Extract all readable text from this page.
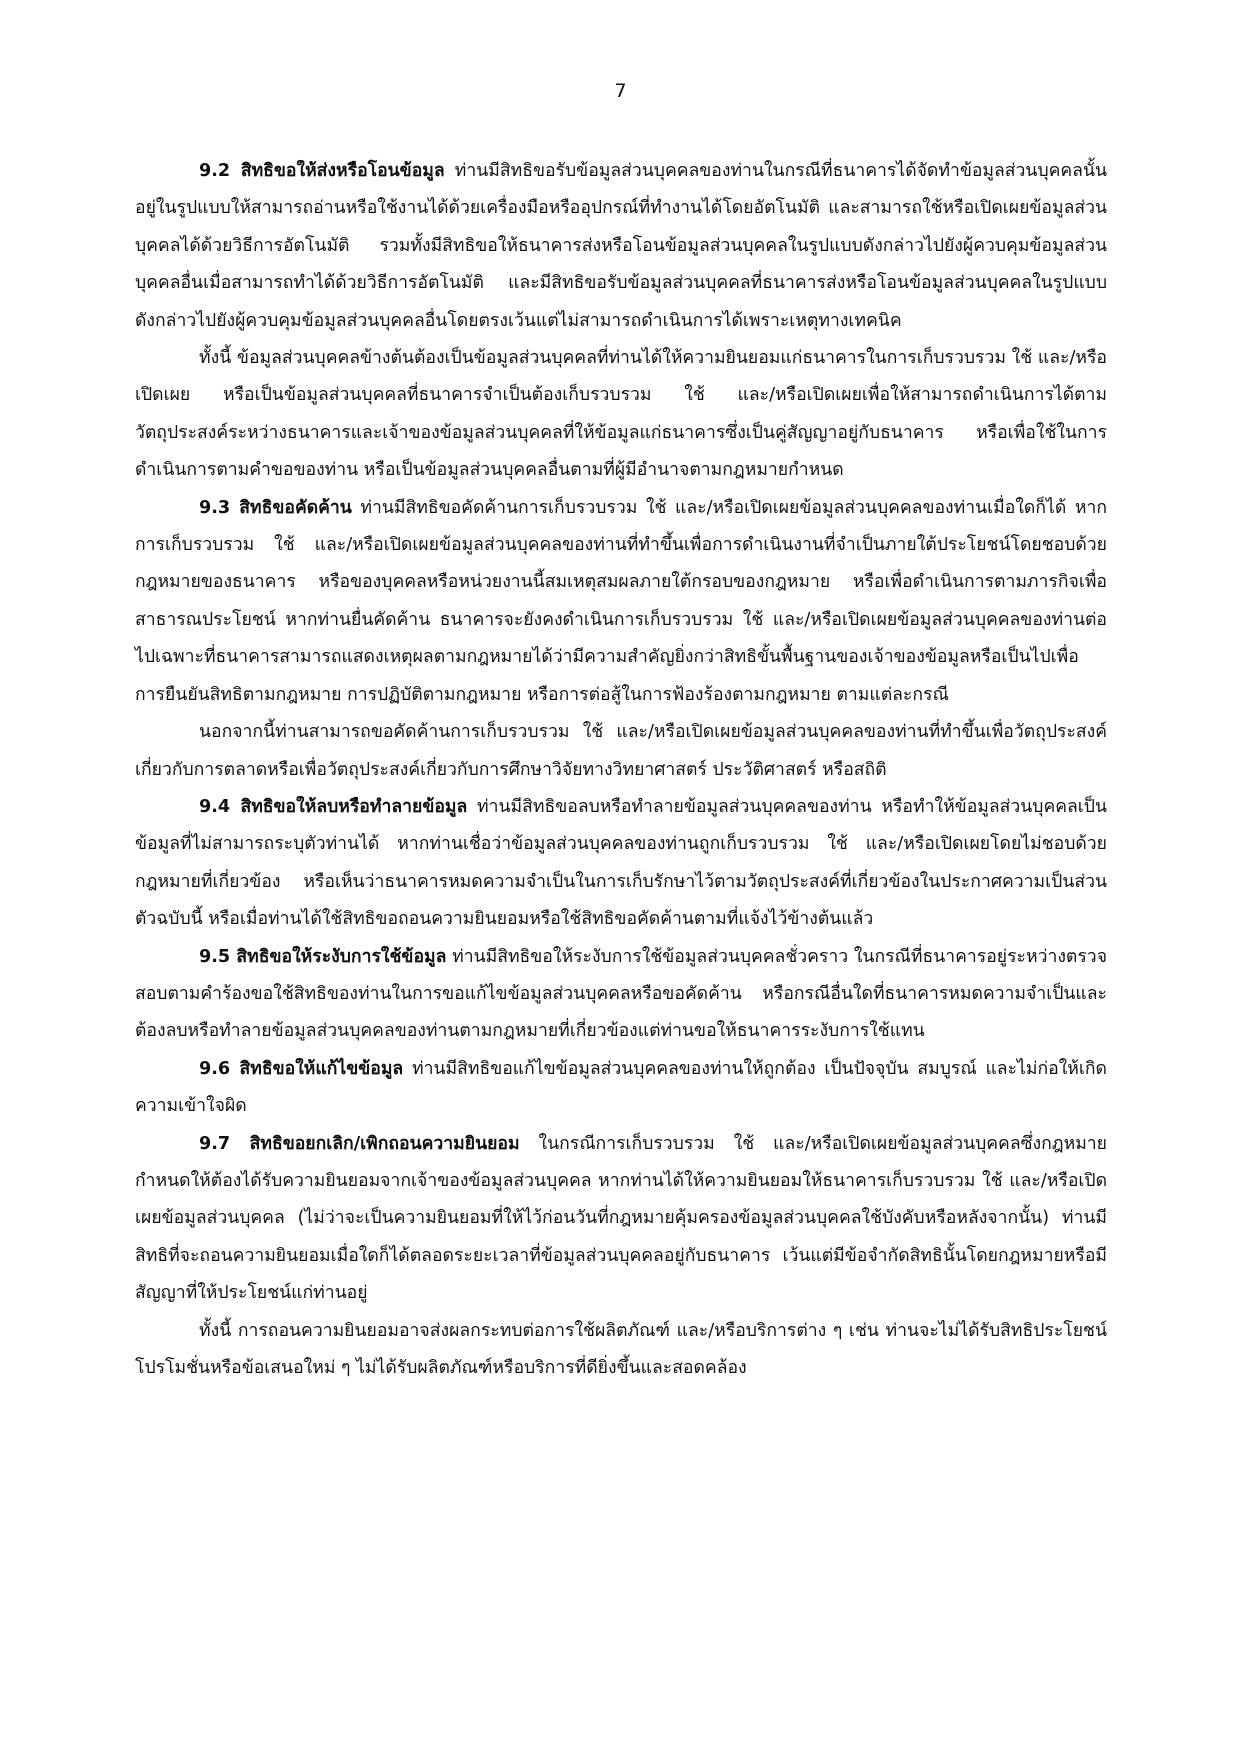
7

9.2 สิทธิขอให้ส่งหรือโอนข้อมูล ท่านมีสิทธิขอรับข้อมูลส่วนบุคคลของท่านในกรณีที่ธนาคารได้จัดทำข้อมูลส่วนบุคคลนั้นอยู่ในรูปแบบให้สามารถอ่านหรือใช้งานได้ด้วยเครื่องมือหรืออุปกรณ์ที่ทำงานได้โดยอัตโนมัติ และสามารถใช้หรือเปิดเผยข้อมูลส่วนบุคคลได้ด้วยวิธีการอัตโนมัติ รวมทั้งมีสิทธิขอให้ธนาคารส่งหรือโอนข้อมูลส่วนบุคคลในรูปแบบดังกล่าวไปยังผู้ควบคุมข้อมูลส่วนบุคคลอื่นเมื่อสามารถทำได้ด้วยวิธีการอัตโนมัติ และมีสิทธิขอรับข้อมูลส่วนบุคคลที่ธนาคารส่งหรือโอนข้อมูลส่วนบุคคลในรูปแบบดังกล่าวไปยังผู้ควบคุมข้อมูลส่วนบุคคลอื่นโดยตรงเว้นแต่ไม่สามารถดำเนินการได้เพราะเหตุทางเทคนิค

ทั้งนี้ ข้อมูลส่วนบุคคลข้างต้นต้องเป็นข้อมูลส่วนบุคคลที่ท่านได้ให้ความยินยอมแก่ธนาคารในการเก็บรวบรวม ใช้ และ/หรือเปิดเผย หรือเป็นข้อมูลส่วนบุคคลที่ธนาคารจำเป็นต้องเก็บรวบรวม ใช้ และ/หรือเปิดเผยเพื่อให้สามารถดำเนินการได้ตามวัตถุประสงค์ระหว่างธนาคารและเจ้าของข้อมูลส่วนบุคคลที่ให้ข้อมูลแก่ธนาคารซึ่งเป็นคู่สัญญาอยู่กับธนาคาร หรือเพื่อใช้ในการดำเนินการตามคำขอของท่าน หรือเป็นข้อมูลส่วนบุคคลอื่นตามที่ผู้มีอำนาจตามกฎหมายกำหนด

9.3 สิทธิขอคัดค้าน ท่านมีสิทธิขอคัดค้านการเก็บรวบรวม ใช้ และ/หรือเปิดเผยข้อมูลส่วนบุคคลของท่านเมื่อใดก็ได้ หากการเก็บรวบรวม ใช้ และ/หรือเปิดเผยข้อมูลส่วนบุคคลของท่านที่ทำขึ้นเพื่อการดำเนินงานที่จำเป็นภายใต้ประโยชน์โดยชอบด้วยกฎหมายของธนาคาร หรือของบุคคลหรือหน่วยงานนี้สมเหตุสมผลภายใต้กรอบของกฎหมาย หรือเพื่อดำเนินการตามภารกิจเพื่อสาธารณประโยชน์ หากท่านยื่นคัดค้าน ธนาคารจะยังคงดำเนินการเก็บรวบรวม ใช้ และ/หรือเปิดเผยข้อมูลส่วนบุคคลของท่านต่อไปเฉพาะที่ธนาคารสามารถแสดงเหตุผลตามกฎหมายได้ว่ามีความสำคัญยิ่งกว่าสิทธิขั้นพื้นฐานของเจ้าของข้อมูลหรือเป็นไปเพื่อการยืนยันสิทธิตามกฎหมาย การปฏิบัติตามกฎหมาย หรือการต่อสู้ในการฟ้องร้องตามกฎหมาย ตามแต่ละกรณี

นอกจากนี้ท่านสามารถขอคัดค้านการเก็บรวบรวม ใช้ และ/หรือเปิดเผยข้อมูลส่วนบุคคลของท่านที่ทำขึ้นเพื่อวัตถุประสงค์เกี่ยวกับการตลาดหรือเพื่อวัตถุประสงค์เกี่ยวกับการศึกษาวิจัยทางวิทยาศาสตร์ ประวัติศาสตร์ หรือสถิติ

9.4 สิทธิขอให้ลบหรือทำลายข้อมูล ท่านมีสิทธิขอลบหรือทำลายข้อมูลส่วนบุคคลของท่าน หรือทำให้ข้อมูลส่วนบุคคลเป็นข้อมูลที่ไม่สามารถระบุตัวท่านได้ หากท่านเชื่อว่าข้อมูลส่วนบุคคลของท่านถูกเก็บรวบรวม ใช้ และ/หรือเปิดเผยโดยไม่ชอบด้วยกฎหมายที่เกี่ยวข้อง หรือเห็นว่าธนาคารหมดความจำเป็นในการเก็บรักษาไว้ตามวัตถุประสงค์ที่เกี่ยวข้องในประกาศความเป็นส่วนตัวฉบับนี้ หรือเมื่อท่านได้ใช้สิทธิขอถอนความยินยอมหรือใช้สิทธิขอคัดค้านตามที่แจ้งไว้ข้างต้นแล้ว

9.5 สิทธิขอให้ระงับการใช้ข้อมูล ท่านมีสิทธิขอให้ระงับการใช้ข้อมูลส่วนบุคคลชั่วคราว ในกรณีที่ธนาคารอยู่ระหว่างตรวจสอบตามคำร้องขอใช้สิทธิของท่านในการขอแก้ไขข้อมูลส่วนบุคคลหรือขอคัดค้าน หรือกรณีอื่นใดที่ธนาคารหมดความจำเป็นและต้องลบหรือทำลายข้อมูลส่วนบุคคลของท่านตามกฎหมายที่เกี่ยวข้องแต่ท่านขอให้ธนาคารระงับการใช้แทน

9.6 สิทธิขอให้แก้ไขข้อมูล ท่านมีสิทธิขอแก้ไขข้อมูลส่วนบุคคลของท่านให้ถูกต้อง เป็นปัจจุบัน สมบูรณ์ และไม่ก่อให้เกิดความเข้าใจผิด

9.7 สิทธิขอยกเลิก/เพิกถอนความยินยอม ในกรณีการเก็บรวบรวม ใช้ และ/หรือเปิดเผยข้อมูลส่วนบุคคลซึ่งกฎหมายกำหนดให้ต้องได้รับความยินยอมจากเจ้าของข้อมูลส่วนบุคคล หากท่านได้ให้ความยินยอมให้ธนาคารเก็บรวบรวม ใช้ และ/หรือเปิดเผยข้อมูลส่วนบุคคล (ไม่ว่าจะเป็นความยินยอมที่ให้ไว้ก่อนวันที่กฎหมายคุ้มครองข้อมูลส่วนบุคคลใช้บังคับหรือหลังจากนั้น) ท่านมีสิทธิที่จะถอนความยินยอมเมื่อใดก็ได้ตลอดระยะเวลาที่ข้อมูลส่วนบุคคลอยู่กับธนาคาร เว้นแต่มีข้อจำกัดสิทธินั้นโดยกฎหมายหรือมีสัญญาที่ให้ประโยชน์แก่ท่านอยู่

ทั้งนี้ การถอนความยินยอมอาจส่งผลกระทบต่อการใช้ผลิตภัณฑ์ และ/หรือบริการต่าง ๆ เช่น ท่านจะไม่ได้รับสิทธิประโยชน์ โปรโมชั่นหรือข้อเสนอใหม่ ๆ ไม่ได้รับผลิตภัณฑ์หรือบริการที่ดียิ่งขึ้นและสอดคล้อง
